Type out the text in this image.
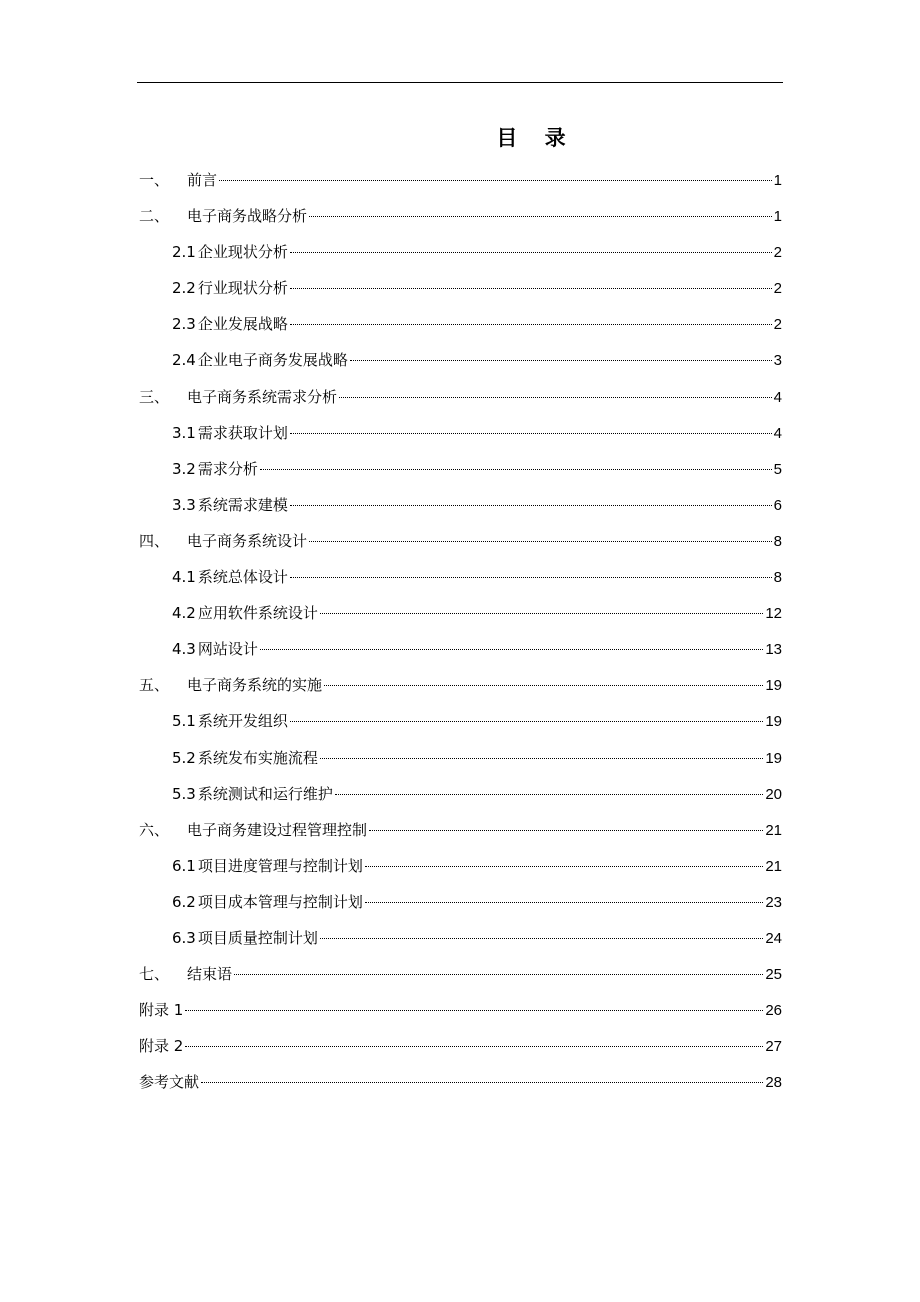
目 录
一、	前言	1
二、	电子商务战略分析	1
2.1 企业现状分析	2
2.2 行业现状分析	2
2.3 企业发展战略	2
2.4 企业电子商务发展战略	3
三、	电子商务系统需求分析	4
3.1 需求获取计划	4
3.2 需求分析	5
3.3 系统需求建模	6
四、	电子商务系统设计	8
4.1 系统总体设计	8
4.2 应用软件系统设计	12
4.3 网站设计	13
五、	电子商务系统的实施	19
5.1 系统开发组织	19
5.2 系统发布实施流程	19
5.3 系统测试和运行维护	20
六、	电子商务建设过程管理控制	21
6.1 项目进度管理与控制计划	21
6.2 项目成本管理与控制计划	23
6.3 项目质量控制计划	24
七、	结束语	25
附录 1	26
附录 2	27
参考文献	28
